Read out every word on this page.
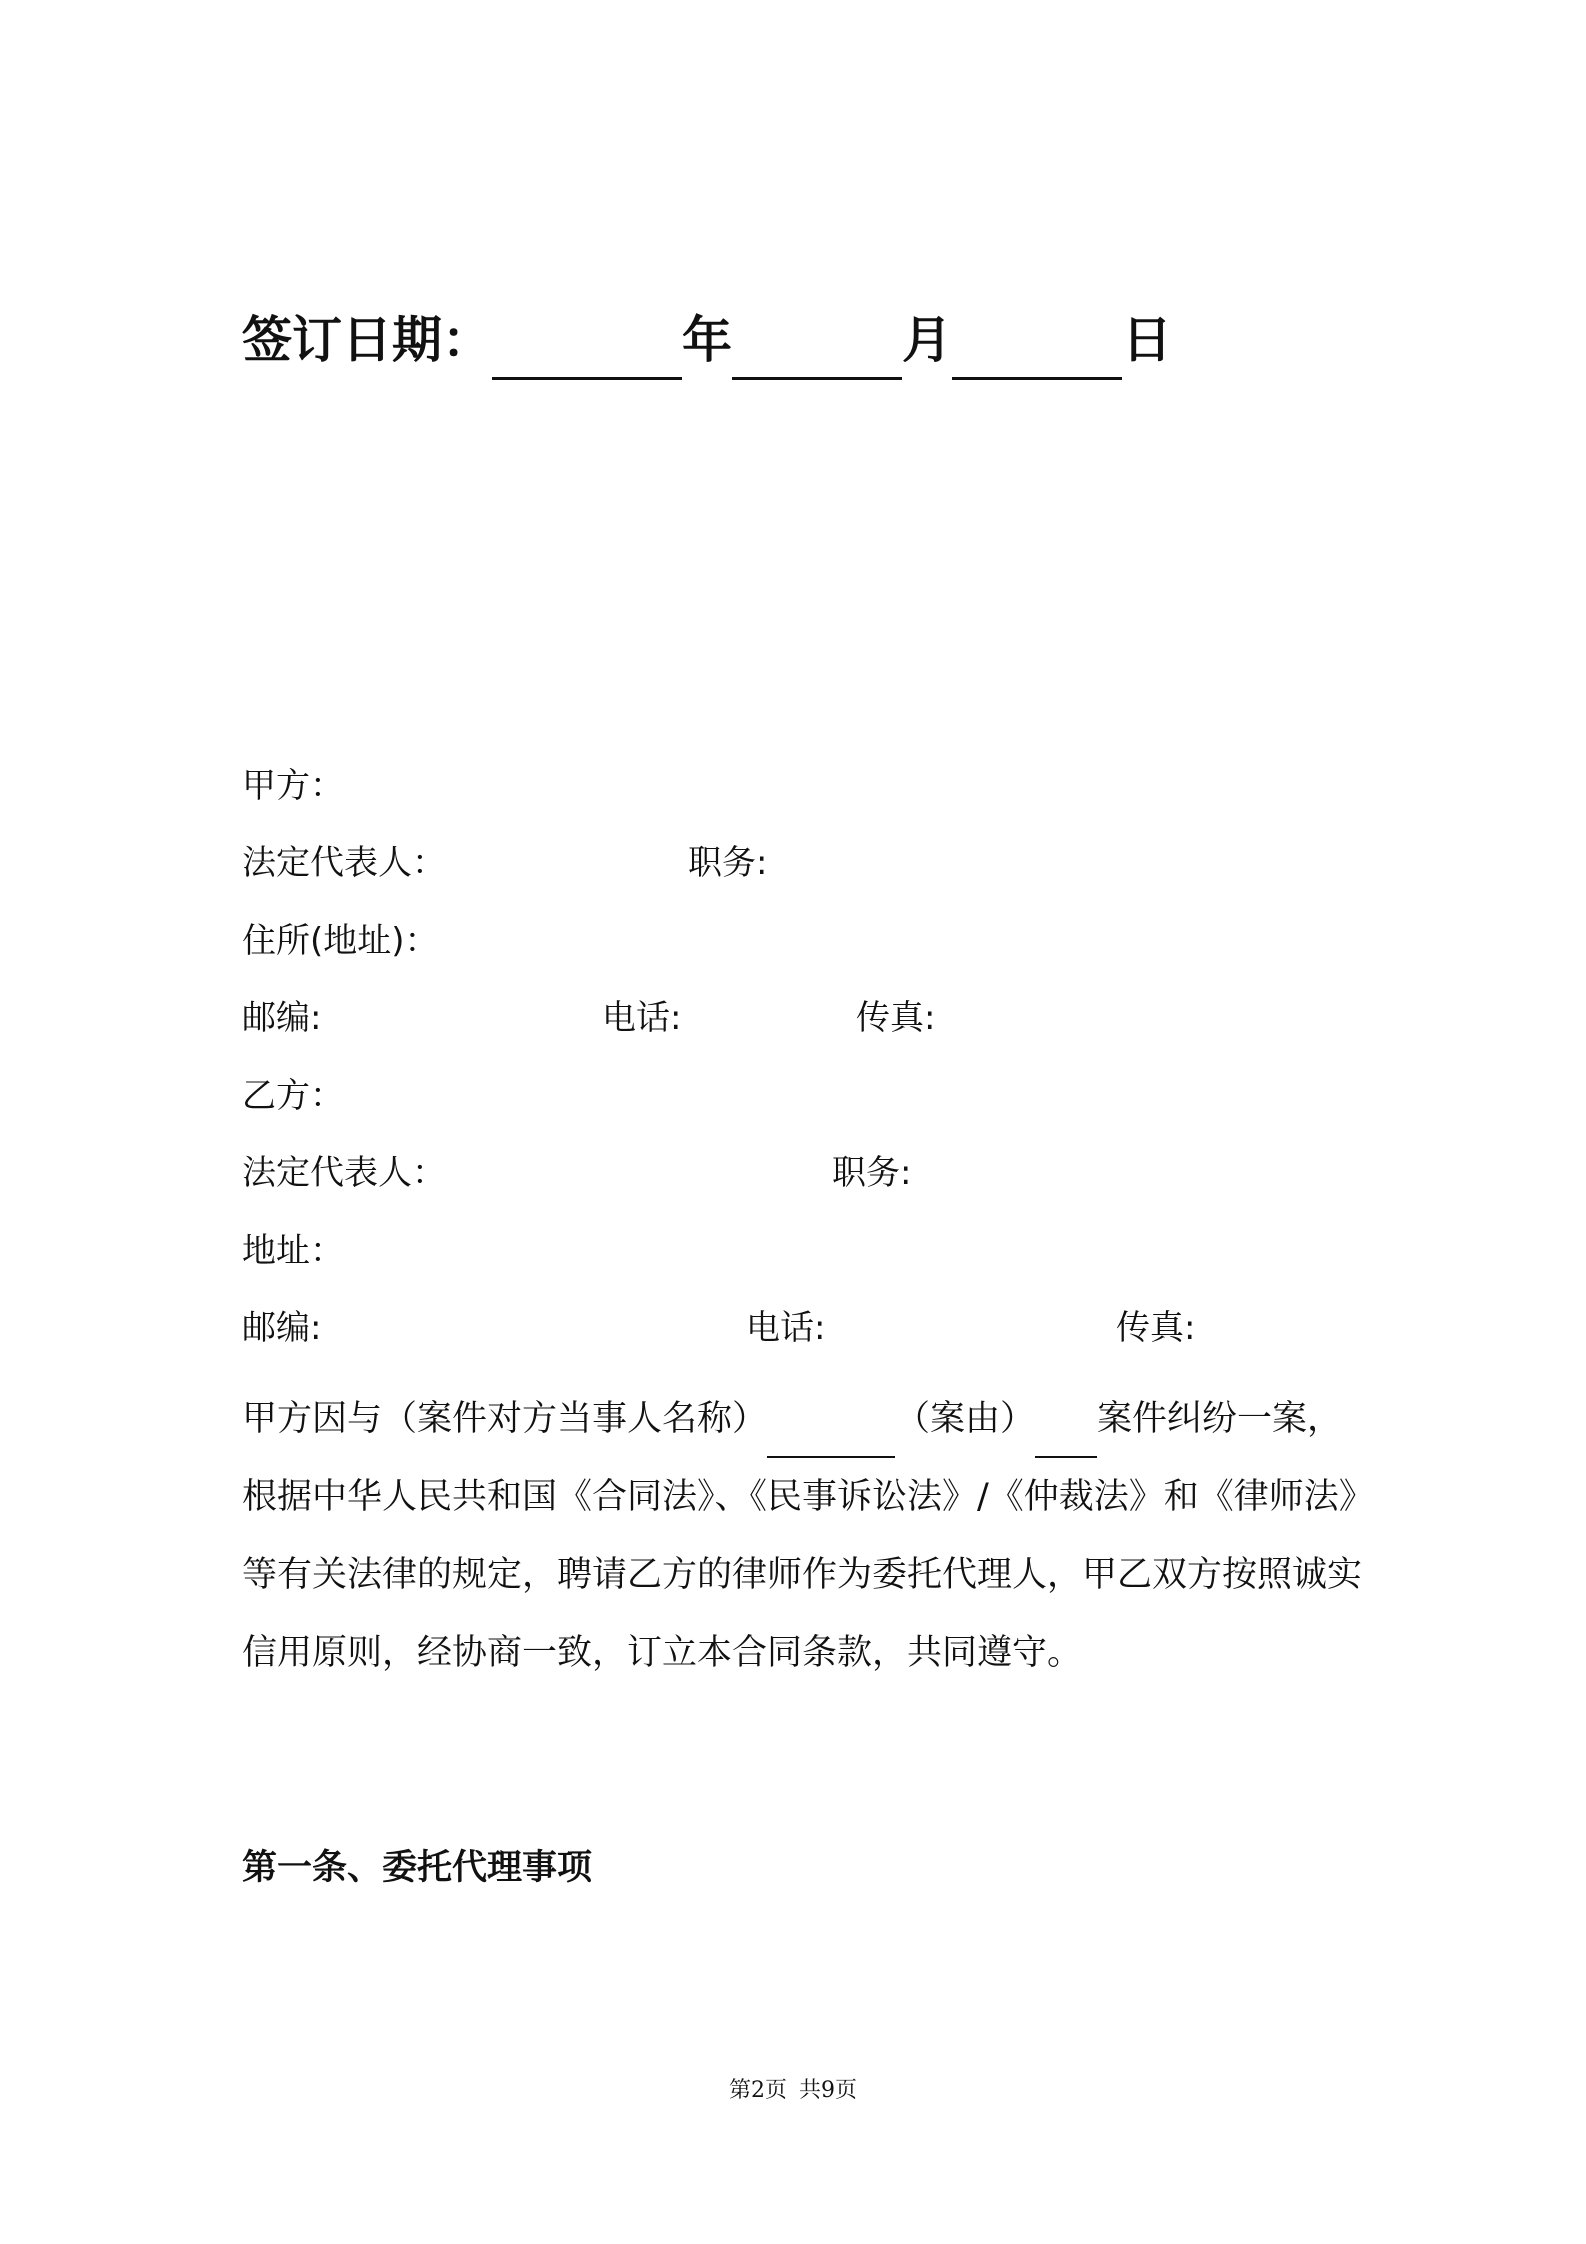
签订日期：	年	月	日
甲方：
法定代表人：	职务:
住所(地址)：
邮编:	电话:	传真:
乙方：
法定代表人：	职务:
地址：
邮编:	电话:	传真:
甲方因与（案件对方当事人名称）	（案由） 案件纠纷一案，根据中华人民共和国《合同法》、《民事诉讼法》/《仲裁法》和《律师法》等有关法律的规定，聘请乙方的律师作为委托代理人，甲乙双方按照诚实信用原则，经协商一致，订立本合同条款，共同遵守。
第一条、委托代理事项
第2页 共9页
